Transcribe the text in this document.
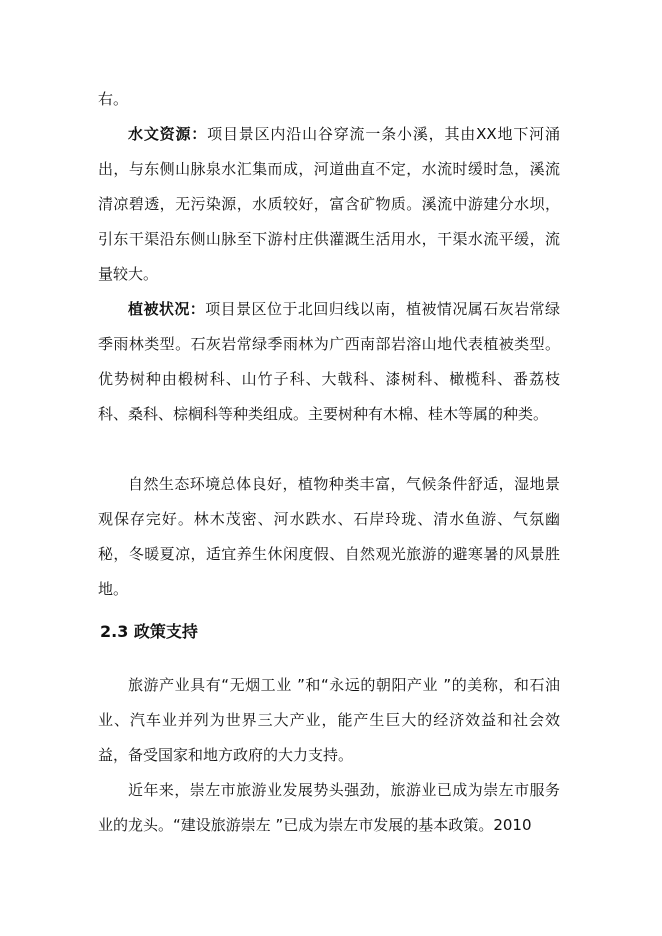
右。

水文资源：项目景区内沿山谷穿流一条小溪，其由XX地下河涌出，与东侧山脉泉水汇集而成，河道曲直不定，水流时缓时急，溪流清凉碧透，无污染源，水质较好，富含矿物质。溪流中游建分水坝，引东干渠沿东侧山脉至下游村庄供灌溉生活用水，干渠水流平缓，流量较大。

植被状况：项目景区位于北回归线以南，植被情况属石灰岩常绿季雨林类型。石灰岩常绿季雨林为广西南部岩溶山地代表植被类型。优势树种由椴树科、山竹子科、大戟科、漆树科、橄榄科、番荔枝科、桑科、棕榈科等种类组成。主要树种有木棉、桂木等属的种类。

自然生态环境总体良好，植物种类丰富，气候条件舒适，湿地景观保存完好。林木茂密、河水跌水、石岸玲珑、清水鱼游、气氛幽秘，冬暖夏凉，适宜养生休闲度假、自然观光旅游的避寒暑的风景胜地。

2.3 政策支持

旅游产业具有“无烟工业 ”和“永远的朝阳产业 ”的美称，和石油业、汽车业并列为世界三大产业，能产生巨大的经济效益和社会效益，备受国家和地方政府的大力支持。

近年来，崇左市旅游业发展势头强劲，旅游业已成为崇左市服务业的龙头。“建设旅游崇左 ”已成为崇左市发展的基本政策。2010
